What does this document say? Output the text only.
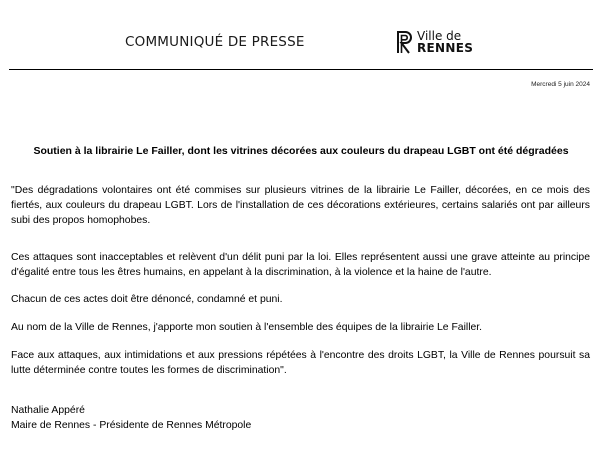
COMMUNIQUÉ DE PRESSE	Ville de
RENNES
Mercredi 5 juin 2024
Soutien à la librairie Le Failler, dont les vitrines décorées aux couleurs du drapeau LGBT ont été dégradées
"Des dégradations volontaires ont été commises sur plusieurs vitrines de la librairie Le Failler, décorées, en ce mois des fiertés, aux couleurs du drapeau LGBT. Lors de l'installation de ces décorations extérieures, certains salariés ont par ailleurs subi des propos homophobes.
Ces attaques sont inacceptables et relèvent d'un délit puni par la loi. Elles représentent aussi une grave atteinte au principe d'égalité entre tous les êtres humains, en appelant à la discrimination, à la violence et la haine de l'autre.
Chacun de ces actes doit être dénoncé, condamné et puni.
Au nom de la Ville de Rennes, j'apporte mon soutien à l'ensemble des équipes de la librairie Le Failler.
Face aux attaques, aux intimidations et aux pressions répétées à l'encontre des droits LGBT, la Ville de Rennes poursuit sa lutte déterminée contre toutes les formes de discrimination".
Nathalie Appéré
Maire de Rennes - Présidente de Rennes Métropole
